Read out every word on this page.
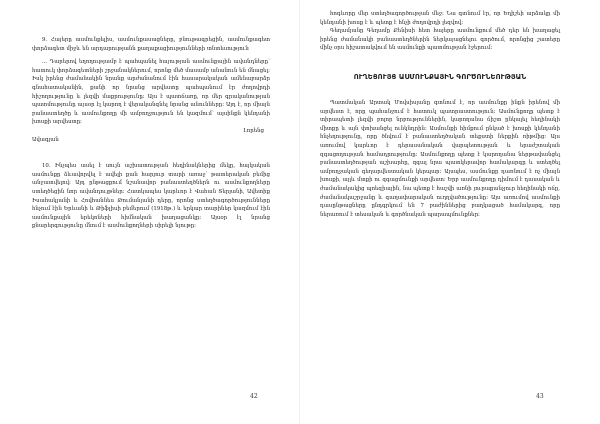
9. Հայերը ասմունքելիս, ասմունքասացները, բնութագրեցին, ասմունքագետ փորձագետ միջև են արդարությանն քաղաքացիությունների տնտեսություն

... Դարերով եղողությամբ է պահպանել հայության ասմունքային ավանդները՝ հատուկ փորձագետների շրջանակներում, որոնք մեծ մասամբ անանուն են մնացել։ Իսկ իրենց ժամանակին նրանք արժանանում էին հասարակական ամենաբարձր գնահատականին, քանի որ նրանց արվեստը պահպանում էր ժողովրդի հիշողությունը և լեզվի մաքրությունը։ Այս է պատճառը, որ մեր գրականության պատմությունը այսօր էլ կարող է վերականգնել նրանց անունները։ Այդ է, որ միայն բանաստեղծը և ասմունքողը մի ամբողջություն են կազմում՝ այսինքն կենդանի խոսքի արվեստը։

Լորենց
Ավագյան

10. Ինչպես ասել է սույն աշխատության հեղինակներից մեկը, հայկական ասմունքը ձևավորվել է ավելի քան հարյուր տարի առաջ՝ թատերական բեմից անջատվելով։ Այդ ընթացքում նշանավոր բանաստեղծներն ու ասմունքողները ստեղծեցին նոր ավանդույթներ։ Հատկապես կարևոր է Վահան Տերյանի, Ավետիք Իսահակյանի և Հովհաննես Թումանյանի դերը, որոնց ստեղծագործությունները հնչում էին Երևանի և Թիֆլիսի բեմերում (1918թ.) և երկար տարիներ կազմում էին ասմունքային երեկոների հիմնական խաղացանկը։ Այսօր էլ նրանց քնարերգությունը մնում է ասմունքողների սիրելի նյութը։

42

հոգևորը մեր ստեղծագործության մեջ։ Նա գտնում էր, որ Եղիշեի արձակը մի կենդանի խոսք է և պետք է հնչի ժողովրդի լեզվով։

Գեղամյանը Գեղամը Քենիսի հետ հայերը ասմունքում մեծ դեր են խաղացել իրենց ժամանակի բանաստեղծներին ներկայացնելու գործում, որոնցից շատերը մինչ օրս հիշատակվում են ասմունքի պատմության էջերում։

ՈՒՂԵՑՈՒՅՑ ԱՍՄՈՒՆՔԱՅԻՆ ԳՈՐԾՈՒՆԵՈՒԹՅԱՆ

Պատմական Արտակ Մովսիսյանը գտնում է, որ ասմունքը ինքն իրենով մի արվեստ է, որը պահանջում է հատուկ պատրաստություն։ Ասմունքողը պետք է տիրապետի լեզվի բոլոր նրբություններին, կարողանա ճիշտ ընկալել հեղինակի միտքը և այն փոխանցել ունկնդրին։ Ասմունքի հիմքում ընկած է խոսքի կենդանի հնչեղությունը, որը ծնվում է բանաստեղծական տեքստի ներքին ռիթմից։ Այս առումով կարևոր է դերասանական վարպետության և երաժշտական զգացողության համադրությունը։ Ասմունքողը պետք է կարողանա ներթափանցել բանաստեղծության աշխարհը, զգալ նրա պատկերավոր համակարգը և ստեղծել ամբողջական գեղարվեստական կերպար։ Այսպես, ասմունքը դառնում է ոչ միայն խոսքի, այլև մտքի ու զգացմունքի արվեստ։ Երբ ասմունքողը դիմում է դասական և ժամանակակից պոեզիային, նա պետք է հաշվի առնի յուրաքանչյուր հեղինակի ոճը, ժամանակաշրջանը և գաղափարական ուղղվածությունը։ Այս առումով ասմունքի դասընթացները ընդգրկում են 7 բաժիններից բաղկացած համակարգ, որը ներառում է տեսական և գործնական պարապմունքներ։

43
